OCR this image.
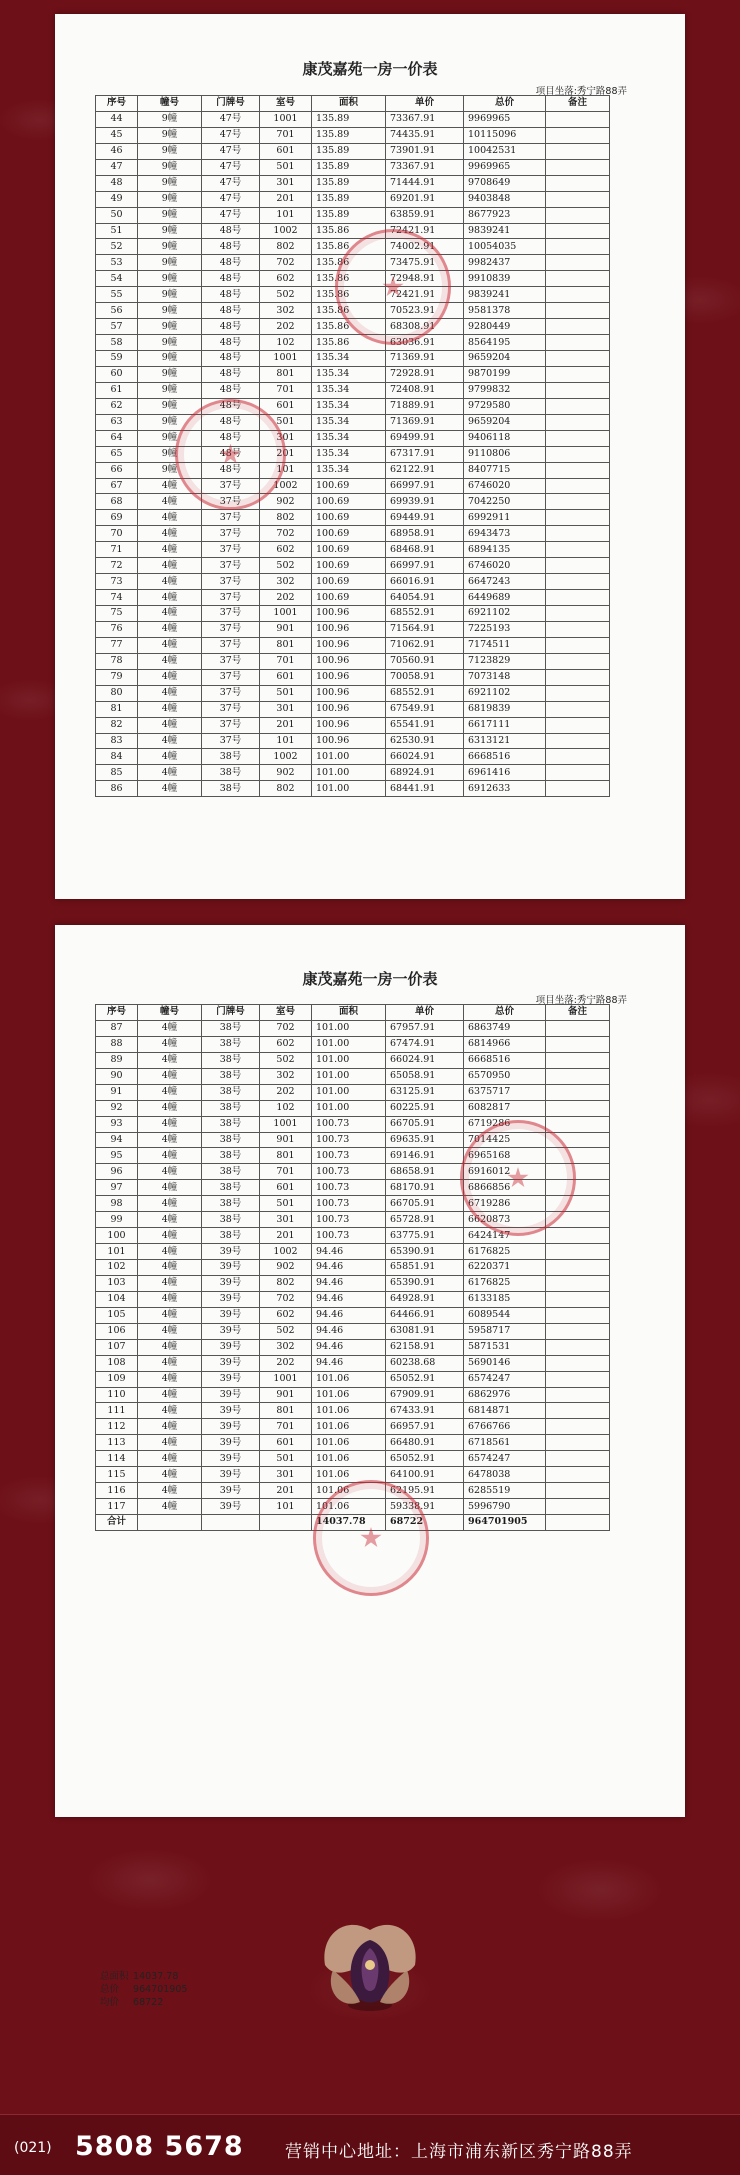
康茂嘉苑一房一价表
项目坐落:秀宁路88弄
序号	幢号	门牌号	室号	面积	单价	总价	备注
44	9幢	47号	1001	135.89	73367.91	9969965	
45	9幢	47号	701	135.89	74435.91	10115096	
46	9幢	47号	601	135.89	73901.91	10042531	
47	9幢	47号	501	135.89	73367.91	9969965	
48	9幢	47号	301	135.89	71444.91	9708649	
49	9幢	47号	201	135.89	69201.91	9403848	
50	9幢	47号	101	135.89	63859.91	8677923	
51	9幢	48号	1002	135.86	72421.91	9839241	
52	9幢	48号	802	135.86	74002.91	10054035	
53	9幢	48号	702	135.86	73475.91	9982437	
54	9幢	48号	602	135.86	72948.91	9910839	
55	9幢	48号	502	135.86	72421.91	9839241	
56	9幢	48号	302	135.86	70523.91	9581378	
57	9幢	48号	202	135.86	68308.91	9280449	
58	9幢	48号	102	135.86	63036.91	8564195	
59	9幢	48号	1001	135.34	71369.91	9659204	
60	9幢	48号	801	135.34	72928.91	9870199	
61	9幢	48号	701	135.34	72408.91	9799832	
62	9幢	48号	601	135.34	71889.91	9729580	
63	9幢	48号	501	135.34	71369.91	9659204	
64	9幢	48号	301	135.34	69499.91	9406118	
65	9幢	48号	201	135.34	67317.91	9110806	
66	9幢	48号	101	135.34	62122.91	8407715	
67	4幢	37号	1002	100.69	66997.91	6746020	
68	4幢	37号	902	100.69	69939.91	7042250	
69	4幢	37号	802	100.69	69449.91	6992911	
70	4幢	37号	702	100.69	68958.91	6943473	
71	4幢	37号	602	100.69	68468.91	6894135	
72	4幢	37号	502	100.69	66997.91	6746020	
73	4幢	37号	302	100.69	66016.91	6647243	
74	4幢	37号	202	100.69	64054.91	6449689	
75	4幢	37号	1001	100.96	68552.91	6921102	
76	4幢	37号	901	100.96	71564.91	7225193	
77	4幢	37号	801	100.96	71062.91	7174511	
78	4幢	37号	701	100.96	70560.91	7123829	
79	4幢	37号	601	100.96	70058.91	7073148	
80	4幢	37号	501	100.96	68552.91	6921102	
81	4幢	37号	301	100.96	67549.91	6819839	
82	4幢	37号	201	100.96	65541.91	6617111	
83	4幢	37号	101	100.96	62530.91	6313121	
84	4幢	38号	1002	101.00	66024.91	6668516	
85	4幢	38号	902	101.00	68924.91	6961416	
86	4幢	38号	802	101.00	68441.91	6912633	
康茂嘉苑一房一价表
项目坐落:秀宁路88弄
序号	幢号	门牌号	室号	面积	单价	总价	备注
87	4幢	38号	702	101.00	67957.91	6863749	
88	4幢	38号	602	101.00	67474.91	6814966	
89	4幢	38号	502	101.00	66024.91	6668516	
90	4幢	38号	302	101.00	65058.91	6570950	
91	4幢	38号	202	101.00	63125.91	6375717	
92	4幢	38号	102	101.00	60225.91	6082817	
93	4幢	38号	1001	100.73	66705.91	6719286	
94	4幢	38号	901	100.73	69635.91	7014425	
95	4幢	38号	801	100.73	69146.91	6965168	
96	4幢	38号	701	100.73	68658.91	6916012	
97	4幢	38号	601	100.73	68170.91	6866856	
98	4幢	38号	501	100.73	66705.91	6719286	
99	4幢	38号	301	100.73	65728.91	6620873	
100	4幢	38号	201	100.73	63775.91	6424147	
101	4幢	39号	1002	94.46	65390.91	6176825	
102	4幢	39号	902	94.46	65851.91	6220371	
103	4幢	39号	802	94.46	65390.91	6176825	
104	4幢	39号	702	94.46	64928.91	6133185	
105	4幢	39号	602	94.46	64466.91	6089544	
106	4幢	39号	502	94.46	63081.91	5958717	
107	4幢	39号	302	94.46	62158.91	5871531	
108	4幢	39号	202	94.46	60238.68	5690146	
109	4幢	39号	1001	101.06	65052.91	6574247	
110	4幢	39号	901	101.06	67909.91	6862976	
111	4幢	39号	801	101.06	67433.91	6814871	
112	4幢	39号	701	101.06	66957.91	6766766	
113	4幢	39号	601	101.06	66480.91	6718561	
114	4幢	39号	501	101.06	65052.91	6574247	
115	4幢	39号	301	101.06	64100.91	6478038	
116	4幢	39号	201	101.06	62195.91	6285519	
117	4幢	39号	101	101.06	59338.91	5996790	
合计				14037.78	68722	964701905	
总面积 14037.78
总价 964701905
均价 68722
(021) 5808 5678 营销中心地址：上海市浦东新区秀宁路88弄
